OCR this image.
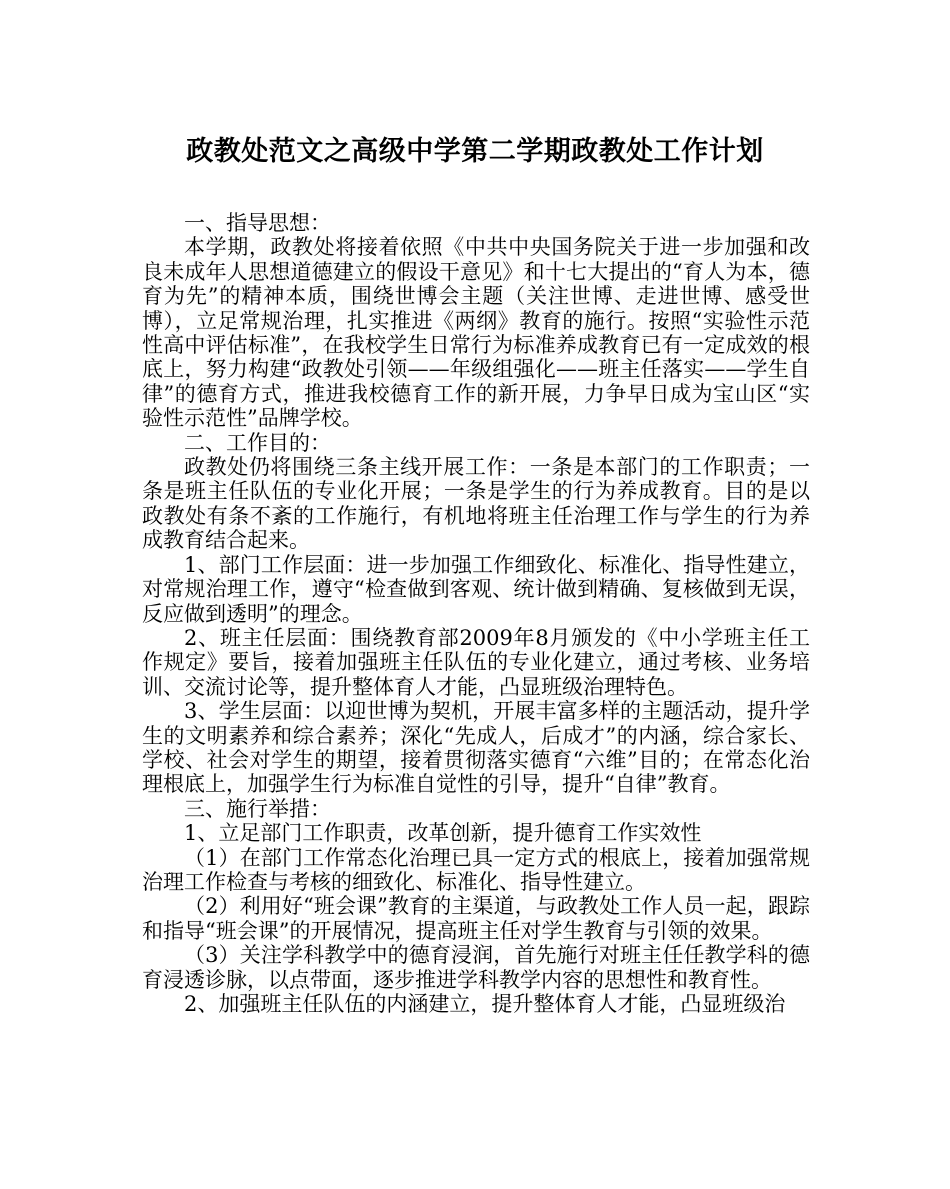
政教处范文之高级中学第二学期政教处工作计划

一、指导思想：

本学期，政教处将接着依照《中共中央国务院关于进一步加强和改良未成年人思想道德建立的假设干意见》和十七大提出的“育人为本，德育为先”的精神本质，围绕世博会主题（关注世博、走进世博、感受世博），立足常规治理，扎实推进《两纲》教育的施行。按照“实验性示范性高中评估标准”，在我校学生日常行为标准养成教育已有一定成效的根底上，努力构建“政教处引领——年级组强化——班主任落实——学生自律”的德育方式，推进我校德育工作的新开展，力争早日成为宝山区“实验性示范性”品牌学校。

二、工作目的：

政教处仍将围绕三条主线开展工作：一条是本部门的工作职责；一条是班主任队伍的专业化开展；一条是学生的行为养成教育。目的是以政教处有条不紊的工作施行，有机地将班主任治理工作与学生的行为养成教育结合起来。

1、部门工作层面：进一步加强工作细致化、标准化、指导性建立，对常规治理工作，遵守“检查做到客观、统计做到精确、复核做到无误，反应做到透明”的理念。

2、班主任层面：围绕教育部2009年8月颁发的《中小学班主任工作规定》要旨，接着加强班主任队伍的专业化建立，通过考核、业务培训、交流讨论等，提升整体育人才能，凸显班级治理特色。

3、学生层面：以迎世博为契机，开展丰富多样的主题活动，提升学生的文明素养和综合素养；深化“先成人，后成才”的内涵，综合家长、学校、社会对学生的期望，接着贯彻落实德育“六维”目的；在常态化治理根底上，加强学生行为标准自觉性的引导，提升“自律”教育。

三、施行举措：

1、立足部门工作职责，改革创新，提升德育工作实效性

（1）在部门工作常态化治理已具一定方式的根底上，接着加强常规治理工作检查与考核的细致化、标准化、指导性建立。

（2）利用好“班会课”教育的主渠道，与政教处工作人员一起，跟踪和指导“班会课”的开展情况，提高班主任对学生教育与引领的效果。

（3）关注学科教学中的德育浸润，首先施行对班主任任教学科的德育浸透诊脉，以点带面，逐步推进学科教学内容的思想性和教育性。

2、加强班主任队伍的内涵建立，提升整体育人才能，凸显班级治
